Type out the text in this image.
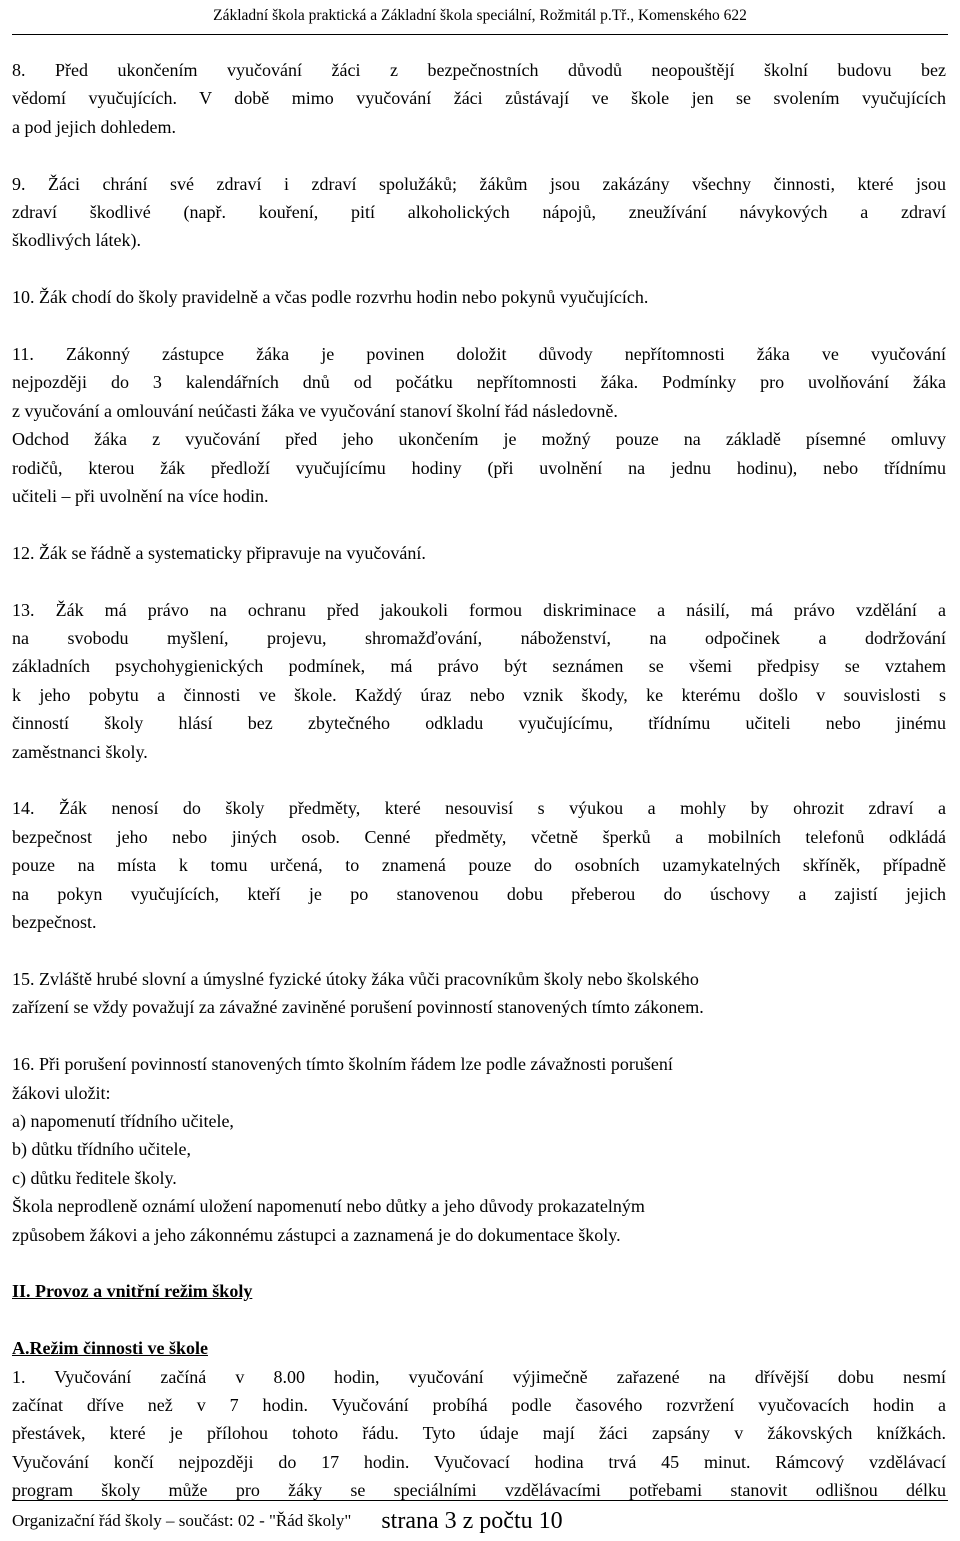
Základní škola praktická a Základní škola speciální, Rožmitál p.Tř., Komenského 622
8. Před ukončením vyučování žáci z bezpečnostních důvodů neopouštějí školní budovu bez
vědomí vyučujících. V době mimo vyučování žáci zůstávají ve škole jen se svolením vyučujících
a pod jejich dohledem.
9. Žáci chrání své zdraví i zdraví spolužáků; žákům jsou zakázány všechny činnosti, které jsou
zdraví škodlivé (např. kouření, pití alkoholických nápojů, zneužívání návykových a zdraví
škodlivých látek).
10. Žák chodí do školy pravidelně a včas podle rozvrhu hodin nebo pokynů vyučujících.
11. Zákonný zástupce žáka je povinen doložit důvody nepřítomnosti žáka ve vyučování
nejpozději do 3 kalendářních dnů od počátku nepřítomnosti žáka. Podmínky pro uvolňování žáka
z vyučování a omlouvání neúčasti žáka ve vyučování stanoví školní řád následovně.
Odchod žáka z vyučování před jeho ukončením je možný pouze na základě písemné omluvy
rodičů, kterou žák předloží vyučujícímu hodiny (při uvolnění na jednu hodinu), nebo třídnímu
učiteli – při uvolnění na více hodin.
12. Žák se řádně a systematicky připravuje na vyučování.
13. Žák má právo na ochranu před jakoukoli formou diskriminace a násilí, má právo vzdělání a
na svobodu myšlení, projevu, shromažďování, náboženství, na odpočinek a dodržování
základních psychohygienických podmínek, má právo být seznámen se všemi předpisy se vztahem
k jeho pobytu a činnosti ve škole. Každý úraz nebo vznik škody, ke kterému došlo v souvislosti s
činností školy hlásí bez zbytečného odkladu vyučujícímu, třídnímu učiteli nebo jinému
zaměstnanci školy.
14. Žák nenosí do školy předměty, které nesouvisí s výukou a mohly by ohrozit zdraví a
bezpečnost jeho nebo jiných osob. Cenné předměty, včetně šperků a mobilních telefonů odkládá
pouze na místa k tomu určená, to znamená pouze do osobních uzamykatelných skříněk, případně
na pokyn vyučujících, kteří je po stanovenou dobu přeberou do úschovy a zajistí jejich
bezpečnost.
15. Zvláště hrubé slovní a úmyslné fyzické útoky žáka vůči pracovníkům školy nebo školského
zařízení se vždy považují za závažné zaviněné porušení povinností stanovených tímto zákonem.
16. Při porušení povinností stanovených tímto školním řádem lze podle závažnosti porušení
žákovi uložit:
a) napomenutí třídního učitele,
b) důtku třídního učitele,
c) důtku ředitele školy.
Škola neprodleně oznámí uložení napomenutí nebo důtky a jeho důvody prokazatelným
způsobem žákovi a jeho zákonnému zástupci a zaznamená je do dokumentace školy.
II. Provoz a vnitřní režim školy
A.Režim činnosti ve škole
1. Vyučování začíná v 8.00 hodin, vyučování výjimečně zařazené na dřívější dobu nesmí
začínat dříve než v 7 hodin. Vyučování probíhá podle časového rozvržení vyučovacích hodin a
přestávek, které je přílohou tohoto řádu. Tyto údaje mají žáci zapsány v žákovských knížkách.
Vyučování končí nejpozději do 17 hodin. Vyučovací hodina trvá 45 minut. Rámcový vzdělávací
program školy může pro žáky se speciálními vzdělávacími potřebami stanovit odlišnou délku
Organizační řád školy – součást: 02 - "Řád školy" strana 3 z počtu 10
